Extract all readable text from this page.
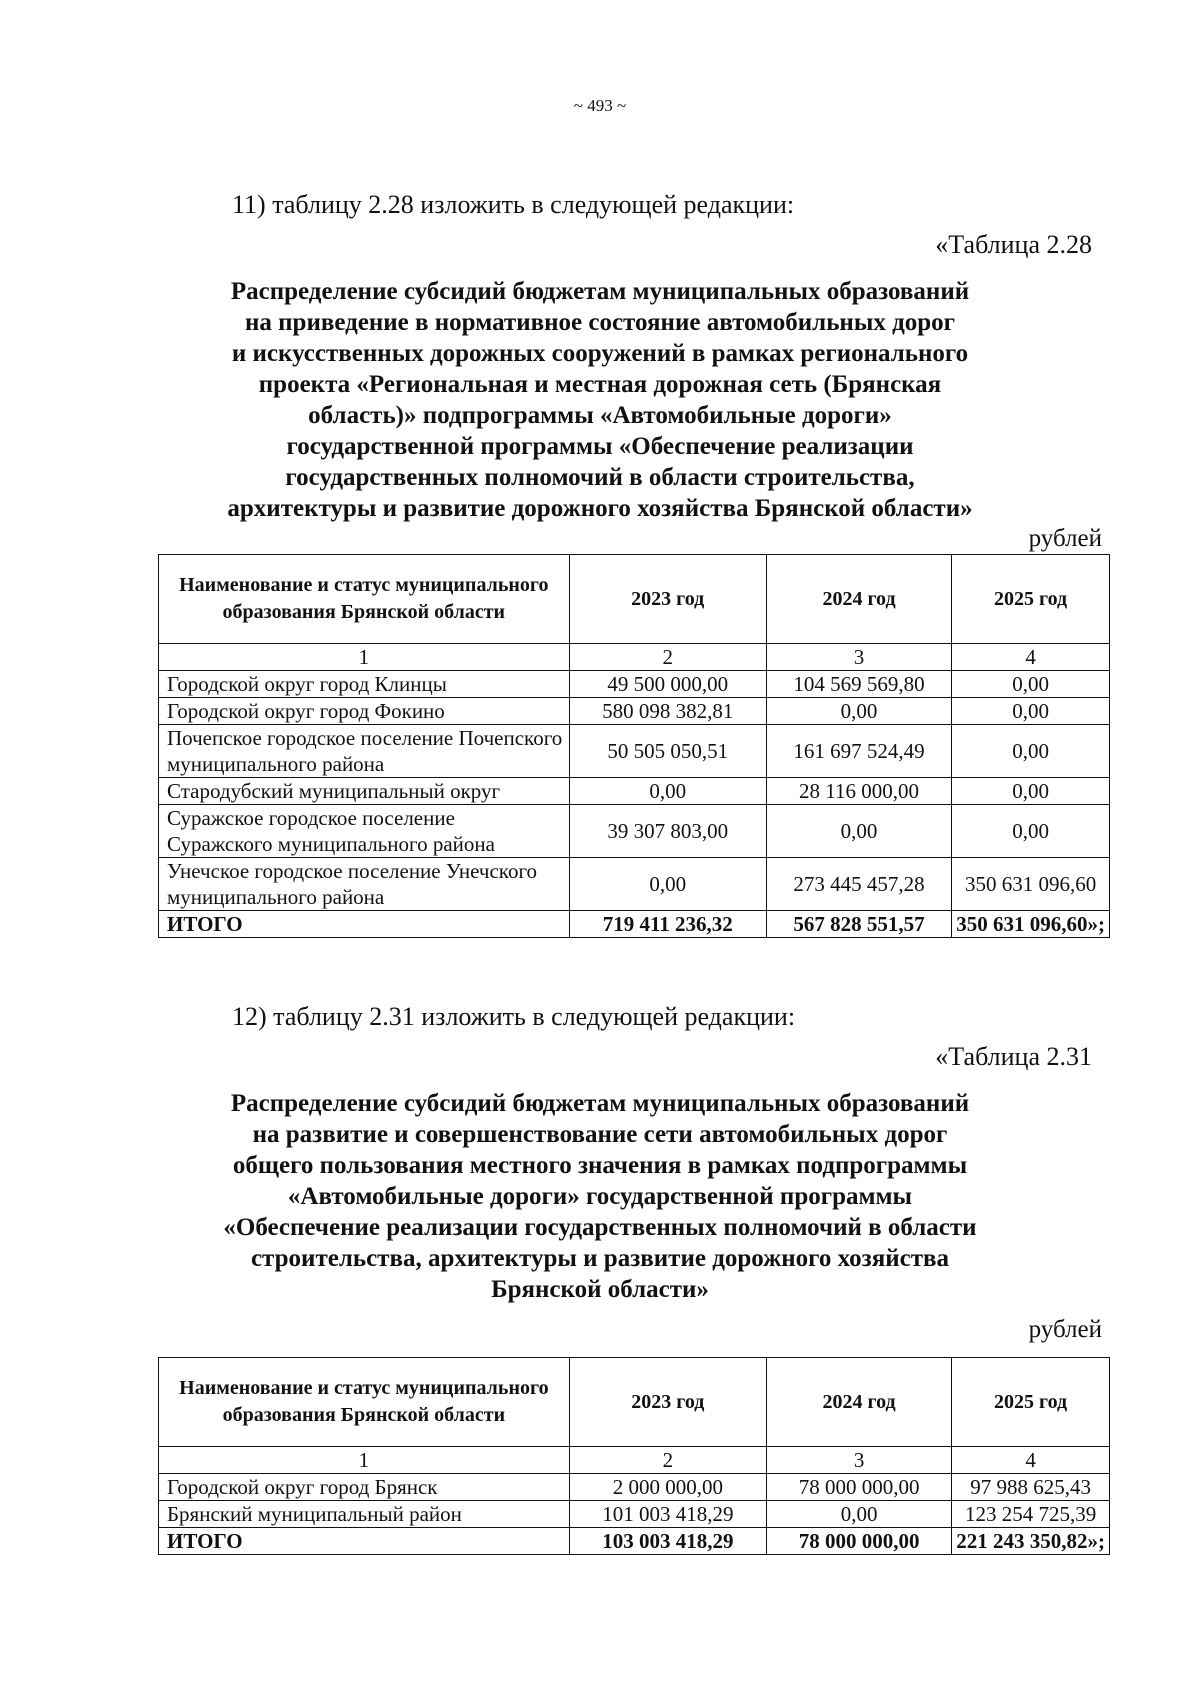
~ 493 ~
11) таблицу 2.28 изложить в следующей редакции:
«Таблица 2.28
Распределение субсидий бюджетам муниципальных образований
на приведение в нормативное состояние автомобильных дорог
и искусственных дорожных сооружений в рамках регионального
проекта «Региональная и местная дорожная сеть (Брянская
область)» подпрограммы «Автомобильные дороги»
государственной программы «Обеспечение реализации
государственных полномочий в области строительства,
архитектуры и развитие дорожного хозяйства Брянской области»
рублей
Наименование и статус муниципального образования Брянской области	2023 год	2024 год	2025 год
1	2	3	4
Городской округ город Клинцы	49 500 000,00	104 569 569,80	0,00
Городской округ город Фокино	580 098 382,81	0,00	0,00
Почепское городское поселение Почепского муниципального района	50 505 050,51	161 697 524,49	0,00
Стародубский муниципальный округ	0,00	28 116 000,00	0,00
Суражское городское поселение Суражского муниципального района	39 307 803,00	0,00	0,00
Унечское городское поселение Унечского муниципального района	0,00	273 445 457,28	350 631 096,60
ИТОГО	719 411 236,32	567 828 551,57	350 631 096,60»;
12) таблицу 2.31 изложить в следующей редакции:
«Таблица 2.31
Распределение субсидий бюджетам муниципальных образований
на развитие и совершенствование сети автомобильных дорог
общего пользования местного значения в рамках подпрограммы
«Автомобильные дороги» государственной программы
«Обеспечение реализации государственных полномочий в области
строительства, архитектуры и развитие дорожного хозяйства
Брянской области»
рублей
Наименование и статус муниципального образования Брянской области	2023 год	2024 год	2025 год
1	2	3	4
Городской округ город Брянск	2 000 000,00	78 000 000,00	97 988 625,43
Брянский муниципальный район	101 003 418,29	0,00	123 254 725,39
ИТОГО	103 003 418,29	78 000 000,00	221 243 350,82»;
